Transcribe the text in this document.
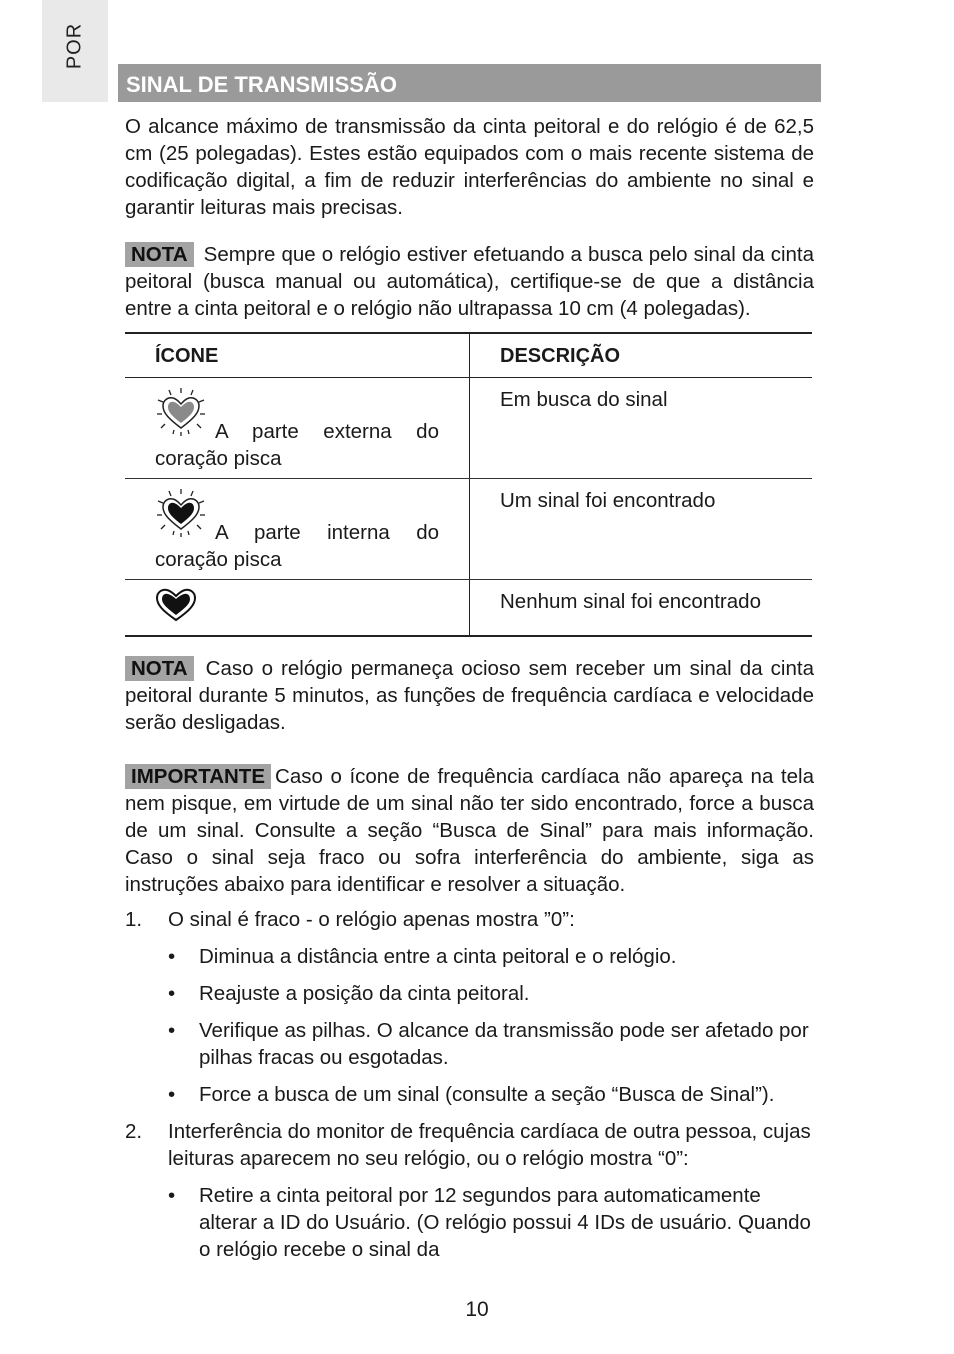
POR
SINAL DE TRANSMISSÃO

O alcance máximo de transmissão da cinta peitoral e do relógio é de 62,5 cm (25 polegadas). Estes estão equipados com o mais recente sistema de codificação digital, a fim de reduzir interferências do ambiente no sinal e garantir leituras mais precisas.

NOTA Sempre que o relógio estiver efetuando a busca pelo sinal da cinta peitoral (busca manual ou automática), certifique-se de que a distância entre a cinta peitoral e o relógio não ultrapassa 10 cm (4 polegadas).

ÍCONE	DESCRIÇÃO
A parte externa do coração pisca	Em busca do sinal
A parte interna do coração pisca	Um sinal foi encontrado
	Nenhum sinal foi encontrado

NOTA Caso o relógio permaneça ocioso sem receber um sinal da cinta peitoral durante 5 minutos, as funções de frequência cardíaca e velocidade serão desligadas.

IMPORTANTE Caso o ícone de frequência cardíaca não apareça na tela nem pisque, em virtude de um sinal não ter sido encontrado, force a busca de um sinal. Consulte a seção “Busca de Sinal” para mais informação. Caso o sinal seja fraco ou sofra interferência do ambiente, siga as instruções abaixo para identificar e resolver a situação.

1. O sinal é fraco - o relógio apenas mostra ”0”:
• Diminua a distância entre a cinta peitoral e o relógio.
• Reajuste a posição da cinta peitoral.
• Verifique as pilhas. O alcance da transmissão pode ser afetado por pilhas fracas ou esgotadas.
• Force a busca de um sinal (consulte a seção “Busca de Sinal”).
2. Interferência do monitor de frequência cardíaca de outra pessoa, cujas leituras aparecem no seu relógio, ou o relógio mostra “0”:
• Retire a cinta peitoral por 12 segundos para automaticamente alterar a ID do Usuário. (O relógio possui 4 IDs de usuário. Quando o relógio recebe o sinal da
10
